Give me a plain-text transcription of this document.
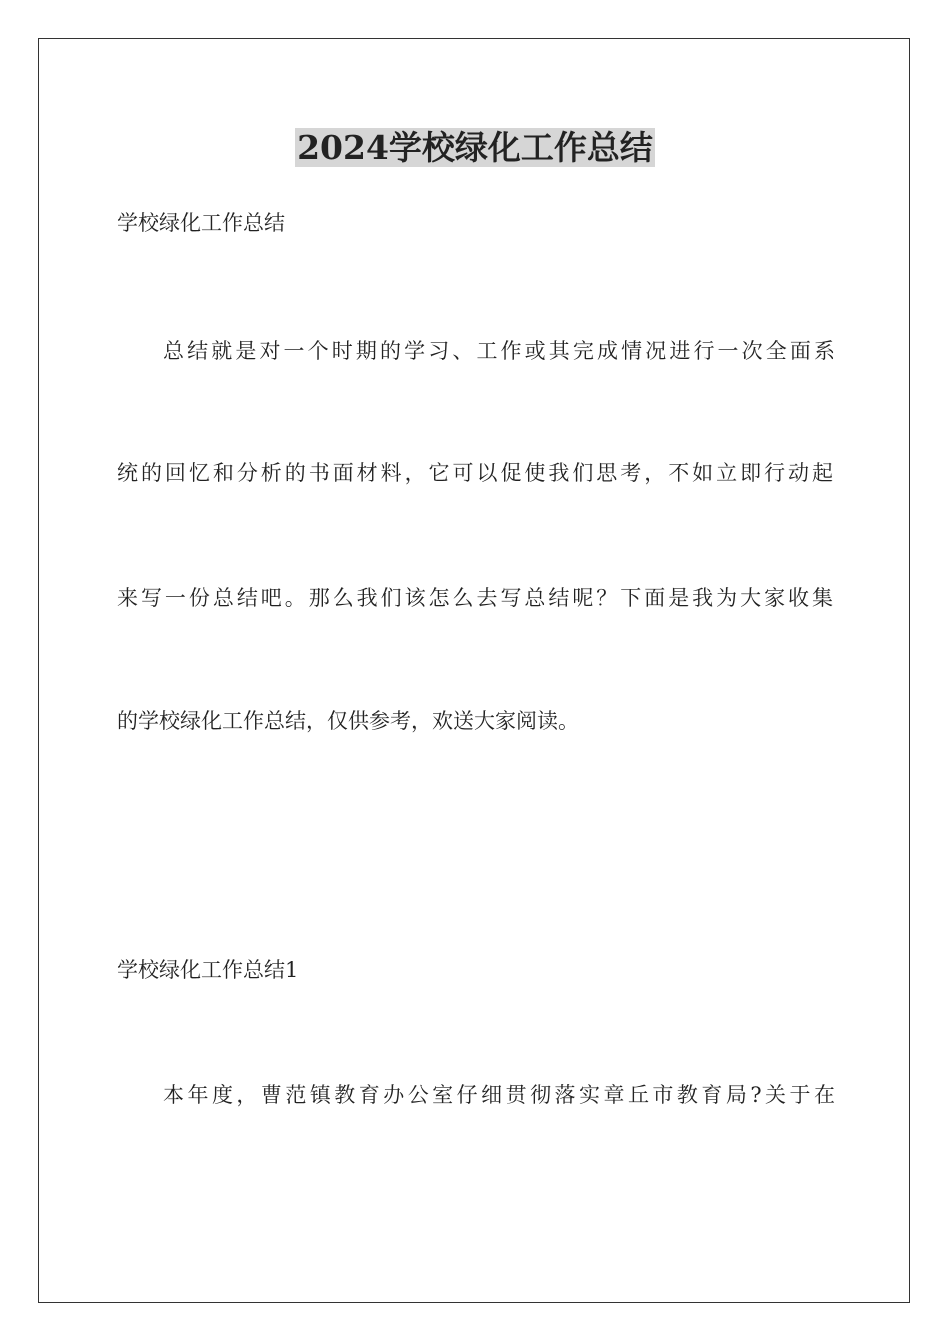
2024学校绿化工作总结

学校绿化工作总结

总结就是对一个时期的学习、工作或其完成情况进行一次全面系

统的回忆和分析的书面材料，它可以促使我们思考，不如立即行动起

来写一份总结吧。那么我们该怎么去写总结呢？下面是我为大家收集

的学校绿化工作总结，仅供参考，欢送大家阅读。

学校绿化工作总结1

本年度，曹范镇教育办公室仔细贯彻落实章丘市教育局?关于在
